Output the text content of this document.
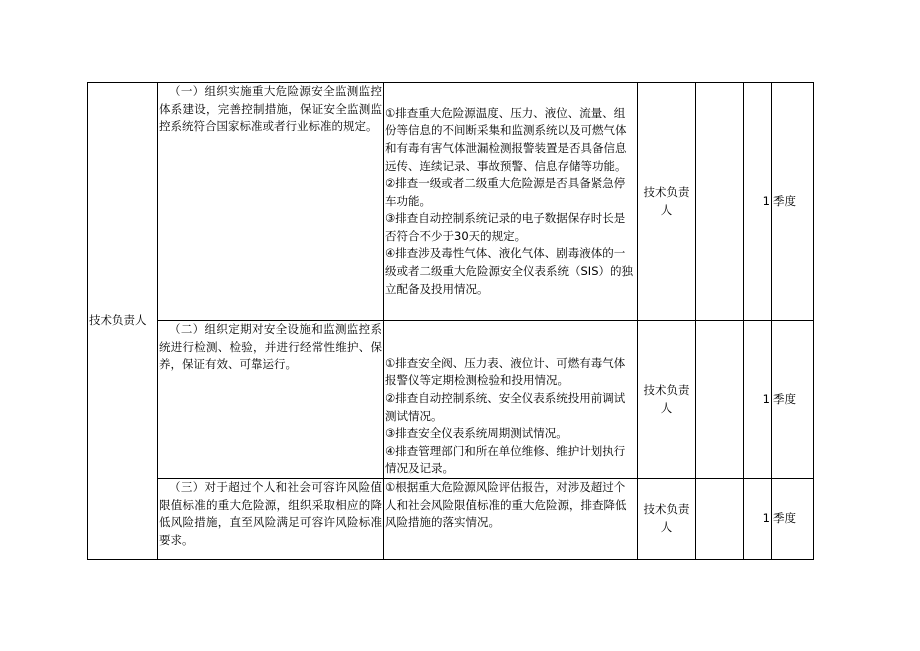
技术负责人	（一）组织实施重大危险源安全监测监控体系建设，完善控制措施，保证安全监测监控系统符合国家标准或者行业标准的规定。	①排查重大危险源温度、压力、液位、流量、组份等信息的不间断采集和监测系统以及可燃气体和有毒有害气体泄漏检测报警装置是否具备信息远传、连续记录、事故预警、信息存储等功能。
②排查一级或者二级重大危险源是否具备紧急停车功能。
③排查自动控制系统记录的电子数据保存时长是否符合不少于30天的规定。
④排查涉及毒性气体、液化气体、剧毒液体的一级或者二级重大危险源安全仪表系统（SIS）的独立配备及投用情况。	技术负责人		1	季度
	（二）组织定期对安全设施和监测监控系统进行检测、检验，并进行经常性维护、保养，保证有效、可靠运行。	①排查安全阀、压力表、液位计、可燃有毒气体报警仪等定期检测检验和投用情况。
②排查自动控制系统、安全仪表系统投用前调试测试情况。
③排查安全仪表系统周期测试情况。
④排查管理部门和所在单位维修、维护计划执行情况及记录。	技术负责人		1	季度
	（三）对于超过个人和社会可容许风险值限值标准的重大危险源，组织采取相应的降低风险措施，直至风险满足可容许风险标准要求。	①根据重大危险源风险评估报告，对涉及超过个人和社会风险限值标准的重大危险源，排查降低风险措施的落实情况。	技术负责人		1	季度
